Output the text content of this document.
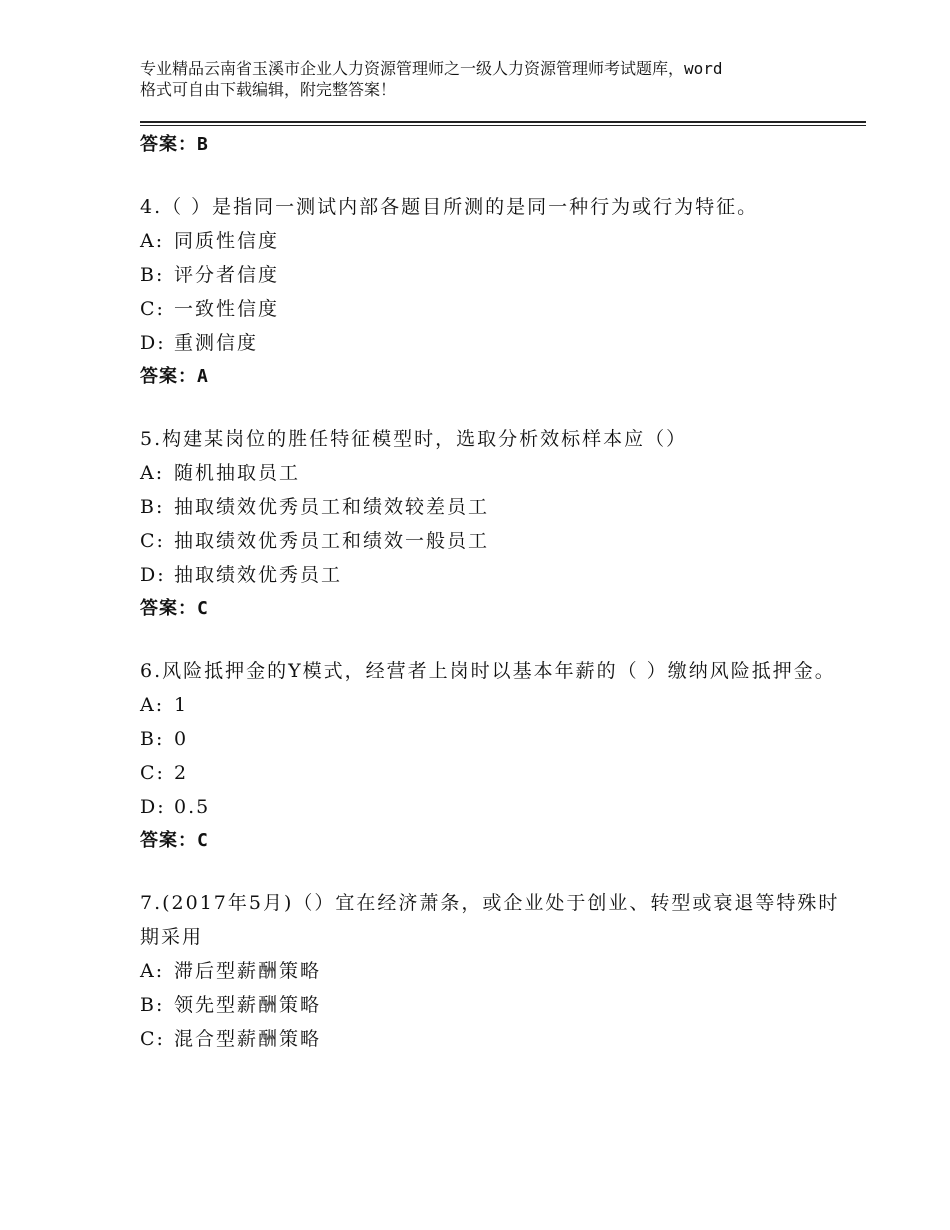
专业精品云南省玉溪市企业人力资源管理师之一级人力资源管理师考试题库，word
格式可自由下载编辑，附完整答案！
答案：B

4.（ ）是指同一测试内部各题目所测的是同一种行为或行为特征。

A: 同质性信度
B: 评分者信度
C: 一致性信度
D: 重测信度
答案：A

5.构建某岗位的胜任特征模型时，选取分析效标样本应（）

A: 随机抽取员工
B: 抽取绩效优秀员工和绩效较差员工
C: 抽取绩效优秀员工和绩效一般员工
D: 抽取绩效优秀员工
答案：C

6.风险抵押金的Y模式，经营者上岗时以基本年薪的（ ）缴纳风险抵押金。

A: 1
B: 0
C: 2
D: 0.5
答案：C

7.(2017年5月)（）宜在经济萧条，或企业处于创业、转型或衰退等特殊时期采用

A: 滞后型薪酬策略
B: 领先型薪酬策略
C: 混合型薪酬策略
